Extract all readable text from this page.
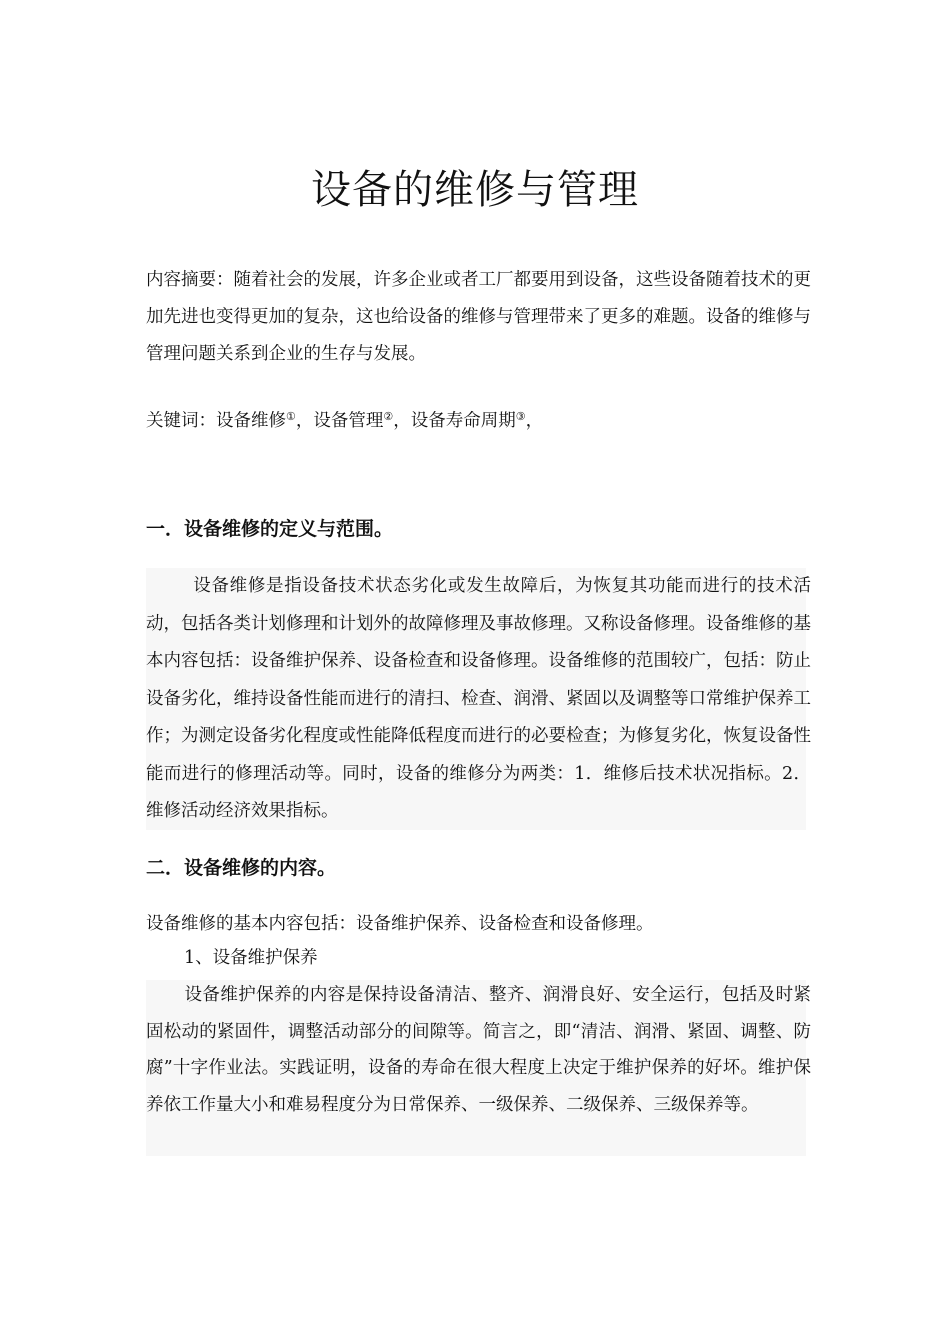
设备的维修与管理

内容摘要：随着社会的发展，许多企业或者工厂都要用到设备，这些设备随着技术的更加先进也变得更加的复杂，这也给设备的维修与管理带来了更多的难题。设备的维修与管理问题关系到企业的生存与发展。

关键词：设备维修①，设备管理②，设备寿命周期③，

一．设备维修的定义与范围。

设备维修是指设备技术状态劣化或发生故障后，为恢复其功能而进行的技术活动，包括各类计划修理和计划外的故障修理及事故修理。又称设备修理。设备维修的基本内容包括：设备维护保养、设备检查和设备修理。设备维修的范围较广，包括：防止设备劣化，维持设备性能而进行的清扫、检查、润滑、紧固以及调整等口常维护保养工作；为测定设备劣化程度或性能降低程度而进行的必要检查；为修复劣化，恢复设备性能而进行的修理活动等。同时，设备的维修分为两类：1．维修后技术状况指标。2．维修活动经济效果指标。

二．设备维修的内容。

设备维修的基本内容包括：设备维护保养、设备检查和设备修理。

1、设备维护保养

设备维护保养的内容是保持设备清洁、整齐、润滑良好、安全运行，包括及时紧固松动的紧固件，调整活动部分的间隙等。简言之，即“清洁、润滑、紧固、调整、防腐”十字作业法。实践证明，设备的寿命在很大程度上决定于维护保养的好坏。维护保养依工作量大小和难易程度分为日常保养、一级保养、二级保养、三级保养等。
